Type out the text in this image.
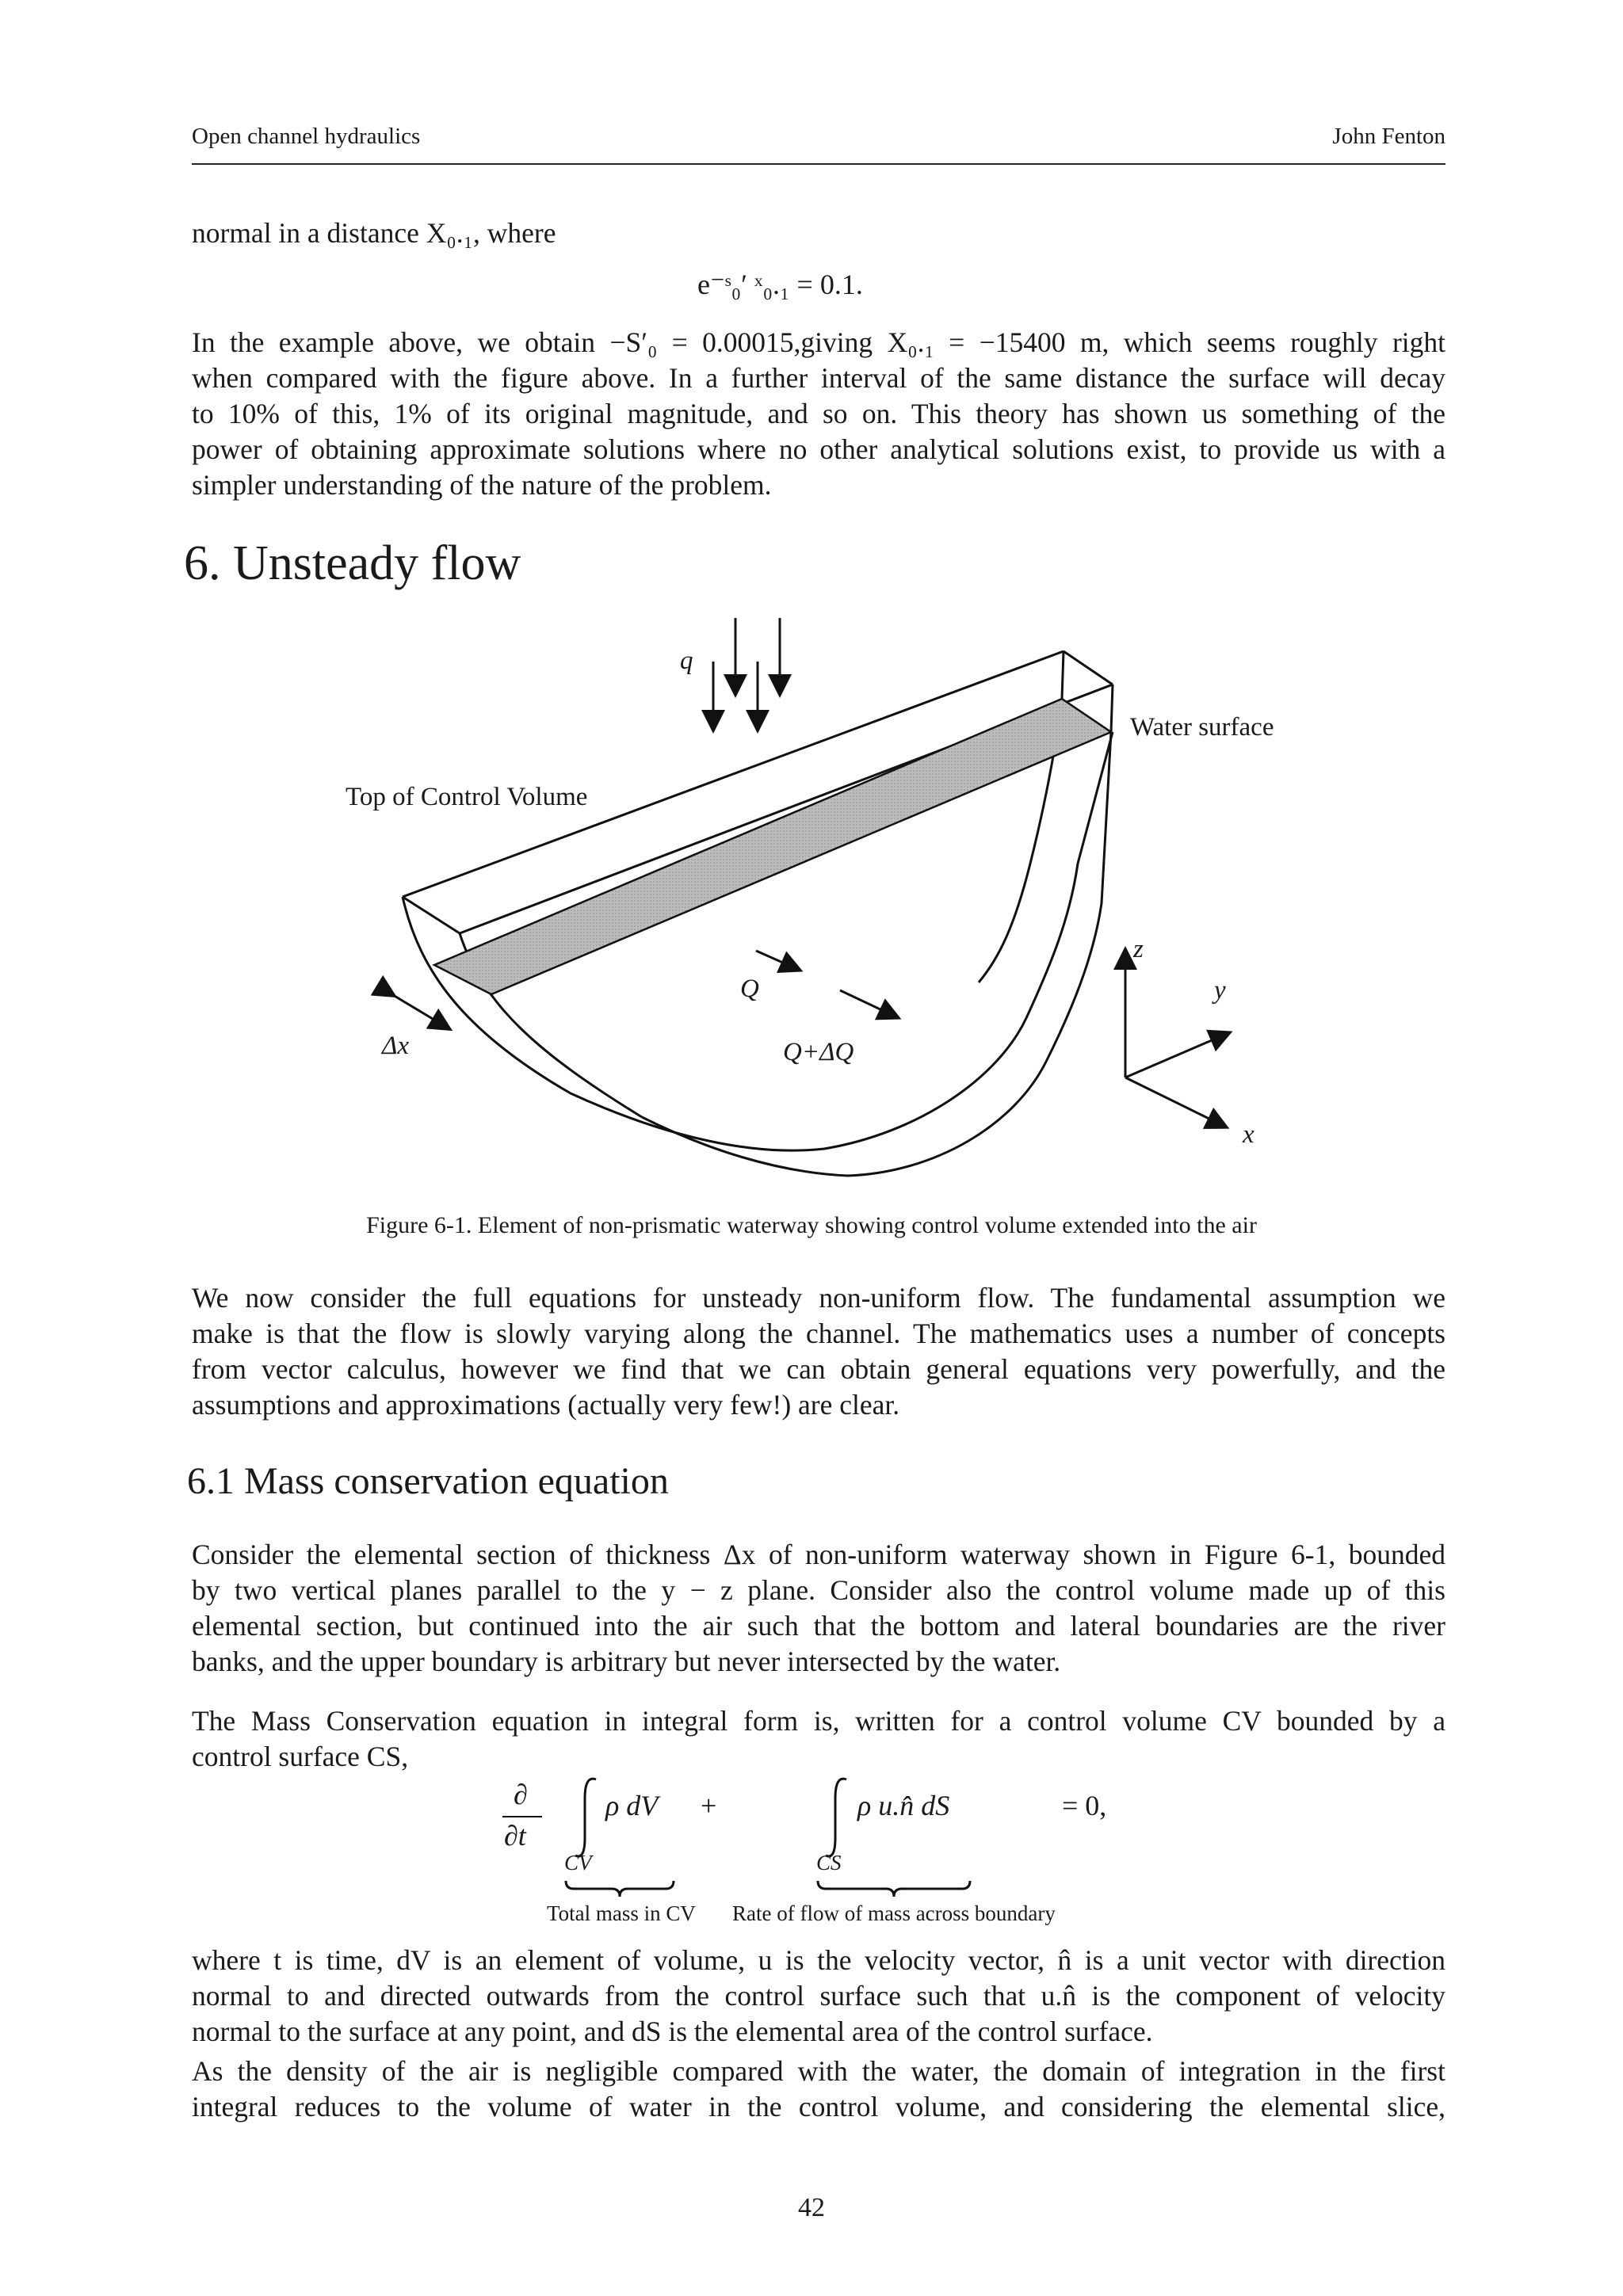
Open channel hydraulics	John Fenton

normal in a distance X₀.₁, where

e⁻ˢ₀′ ˣ₀.₁ = 0.1.

In the example above, we obtain −S′₀ = 0.00015,giving X₀.₁ = −15400 m, which seems roughly right
when compared with the figure above. In a further interval of the same distance the surface will decay
to 10% of this, 1% of its original magnitude, and so on. This theory has shown us something of the
power of obtaining approximate solutions where no other analytical solutions exist, to provide us with a
simpler understanding of the nature of the problem.

6. Unsteady flow
q
Water surface
Top of Control Volume
Q
Q+ΔQ
Δx
z
y
x
Figure 6-1. Element of non-prismatic waterway showing control volume extended into the air

We now consider the full equations for unsteady non-uniform flow. The fundamental assumption we
make is that the flow is slowly varying along the channel. The mathematics uses a number of concepts
from vector calculus, however we find that we can obtain general equations very powerfully, and the
assumptions and approximations (actually very few!) are clear.

6.1 Mass conservation equation

Consider the elemental section of thickness Δx of non-uniform waterway shown in Figure 6-1, bounded
by two vertical planes parallel to the y − z plane. Consider also the control volume made up of this
elemental section, but continued into the air such that the bottom and lateral boundaries are the river
banks, and the upper boundary is arbitrary but never intersected by the water.

The Mass Conservation equation in integral form is, written for a control volume CV bounded by a
control surface CS,

∂
∂t
ρ dV +	ρ u.n̂ dS	= 0,
CV	CS
Total mass in CV Rate of flow of mass across boundary

where t is time, dV is an element of volume, u is the velocity vector, n̂ is a unit vector with direction
normal to and directed outwards from the control surface such that u.n̂ is the component of velocity
normal to the surface at any point, and dS is the elemental area of the control surface.

As the density of the air is negligible compared with the water, the domain of integration in the first
integral reduces to the volume of water in the control volume, and considering the elemental slice,

42
